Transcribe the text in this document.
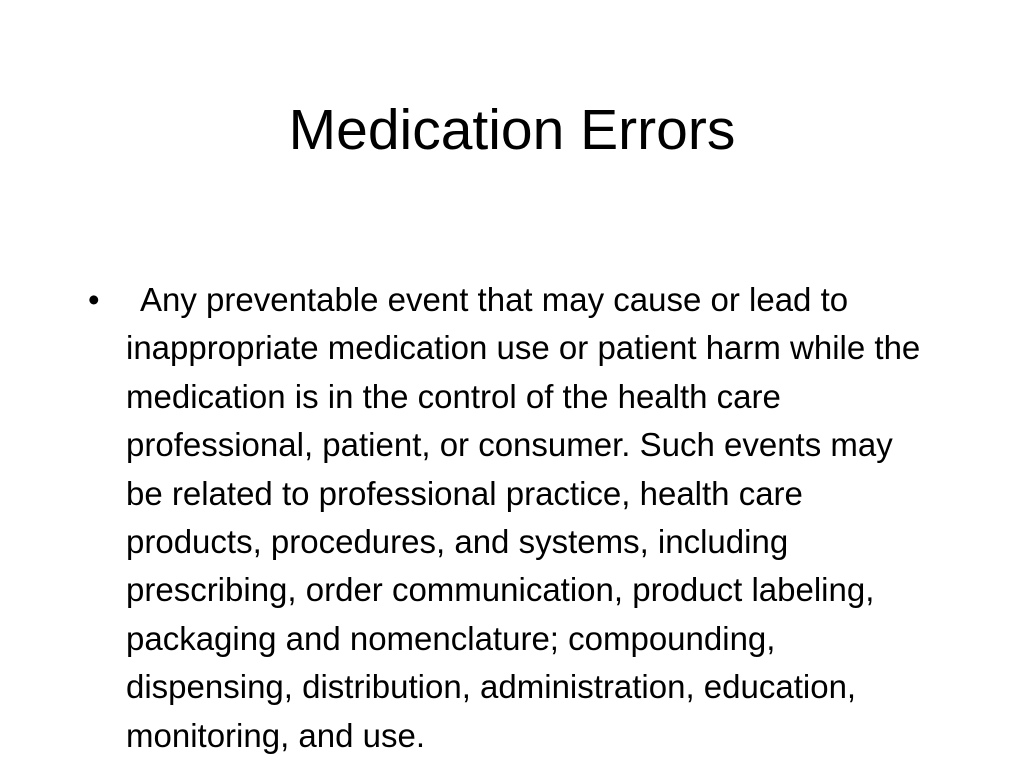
Medication Errors
•	Any preventable event that may cause or lead to inappropriate medication use or patient harm while the medication is in the control of the health care professional, patient, or consumer. Such events may be related to professional practice, health care products, procedures, and systems, including prescribing, order communication, product labeling, packaging and nomenclature; compounding, dispensing, distribution, administration, education, monitoring, and use.
